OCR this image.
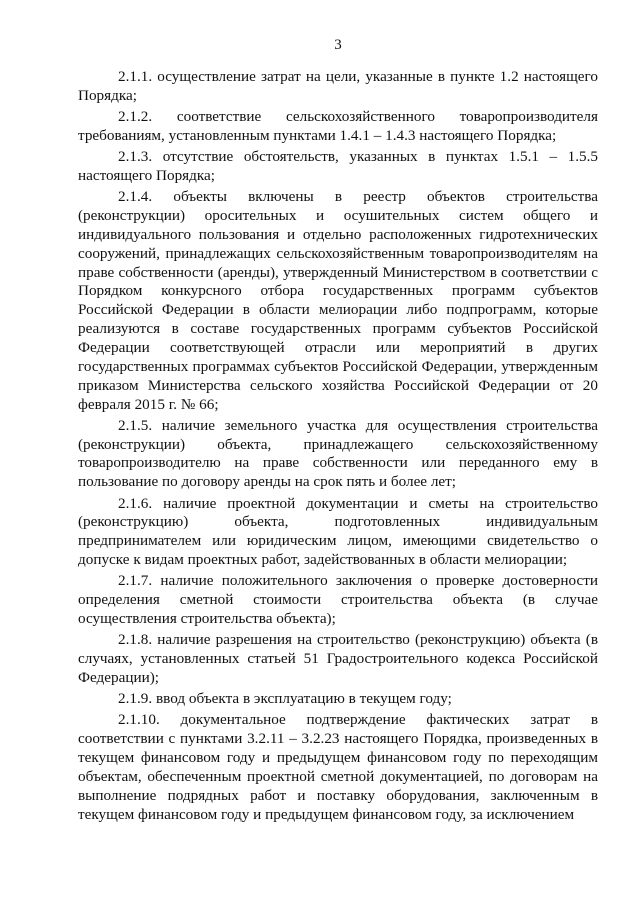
3

2.1.1. осуществление затрат на цели, указанные в пункте 1.2 настоящего Порядка;

2.1.2. соответствие сельскохозяйственного товаропроизводителя требованиям, установленным пунктами 1.4.1 – 1.4.3 настоящего Порядка;

2.1.3. отсутствие обстоятельств, указанных в пунктах 1.5.1 – 1.5.5 настоящего Порядка;

2.1.4. объекты включены в реестр объектов строительства (реконструкции) оросительных и осушительных систем общего и индивидуального пользования и отдельно расположенных гидротехнических сооружений, принадлежащих сельскохозяйственным товаропроизводителям на праве собственности (аренды), утвержденный Министерством в соответствии с Порядком конкурсного отбора государственных программ субъектов Российской Федерации в области мелиорации либо подпрограмм, которые реализуются в составе государственных программ субъектов Российской Федерации соответствующей отрасли или мероприятий в других государственных программах субъектов Российской Федерации, утвержденным приказом Министерства сельского хозяйства Российской Федерации от 20 февраля 2015 г. № 66;

2.1.5. наличие земельного участка для осуществления строительства (реконструкции) объекта, принадлежащего сельскохозяйственному товаропроизводителю на праве собственности или переданного ему в пользование по договору аренды на срок пять и более лет;

2.1.6. наличие проектной документации и сметы на строительство (реконструкцию) объекта, подготовленных индивидуальным предпринимателем или юридическим лицом, имеющими свидетельство о допуске к видам проектных работ, задействованных в области мелиорации;

2.1.7. наличие положительного заключения о проверке достоверности определения сметной стоимости строительства объекта (в случае осуществления строительства объекта);

2.1.8. наличие разрешения на строительство (реконструкцию) объекта (в случаях, установленных статьей 51 Градостроительного кодекса Российской Федерации);

2.1.9. ввод объекта в эксплуатацию в текущем году;

2.1.10. документальное подтверждение фактических затрат в соответствии с пунктами 3.2.11 – 3.2.23 настоящего Порядка, произведенных в текущем финансовом году и предыдущем финансовом году по переходящим объектам, обеспеченным проектной сметной документацией, по договорам на выполнение подрядных работ и поставку оборудования, заключенным в текущем финансовом году и предыдущем финансовом году, за исключением
